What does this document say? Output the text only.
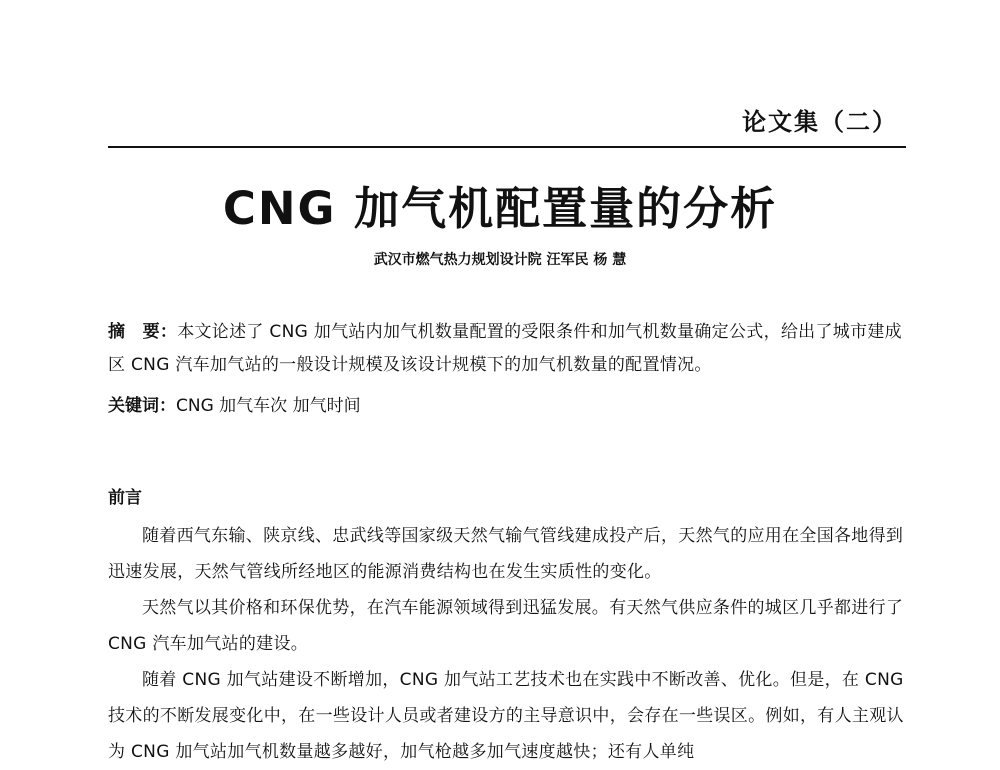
论文集（二）
CNG 加气机配置量的分析
武汉市燃气热力规划设计院 汪军民 杨 慧
摘　要：本文论述了 CNG 加气站内加气机数量配置的受限条件和加气机数量确定公式，给出了城市建成区 CNG 汽车加气站的一般设计规模及该设计规模下的加气机数量的配置情况。
关键词：CNG 加气车次 加气时间
前言

随着西气东输、陕京线、忠武线等国家级天然气输气管线建成投产后，天然气的应用在全国各地得到迅速发展，天然气管线所经地区的能源消费结构也在发生实质性的变化。

天然气以其价格和环保优势，在汽车能源领域得到迅猛发展。有天然气供应条件的城区几乎都进行了 CNG 汽车加气站的建设。

随着 CNG 加气站建设不断增加，CNG 加气站工艺技术也在实践中不断改善、优化。但是，在 CNG 技术的不断发展变化中，在一些设计人员或者建设方的主导意识中，会存在一些误区。例如，有人主观认为 CNG 加气站加气机数量越多越好，加气枪越多加气速度越快；还有人单纯
